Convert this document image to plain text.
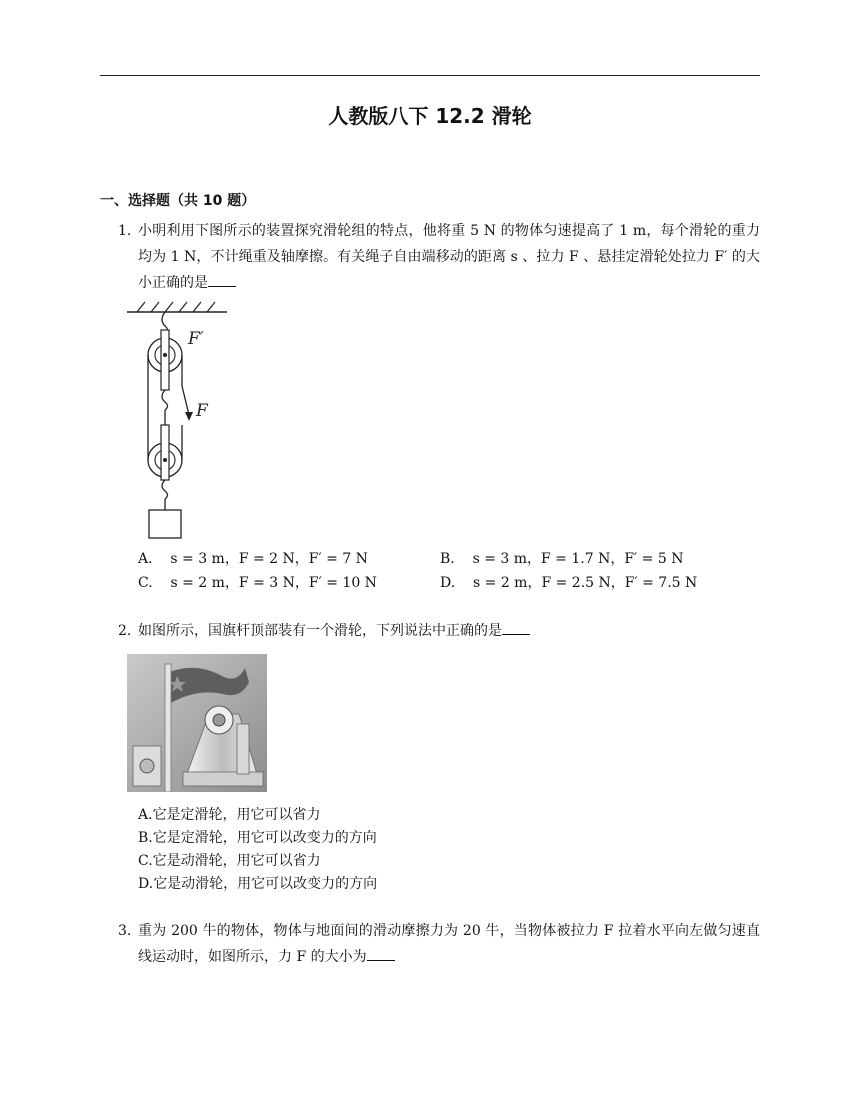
人教版八下 12.2 滑轮
一、选择题（共 10 题）
1. 小明利用下图所示的装置探究滑轮组的特点，他将重 5 N 的物体匀速提高了 1 m，每个滑轮的重力均为 1 N，不计绳重及轴摩擦。有关绳子自由端移动的距离 s 、拉力 F 、悬挂定滑轮处拉力 F′ 的大小正确的是
F′
F
A. s = 3 m，F = 2 N，F′ = 7 N	B. s = 3 m，F = 1.7 N，F′ = 5 N
C. s = 2 m，F = 3 N，F′ = 10 N	D. s = 2 m，F = 2.5 N，F′ = 7.5 N
2. 如图所示，国旗杆顶部装有一个滑轮，下列说法中正确的是
A.它是定滑轮，用它可以省力
B.它是定滑轮，用它可以改变力的方向
C.它是动滑轮，用它可以省力
D.它是动滑轮，用它可以改变力的方向
3. 重为 200 牛的物体，物体与地面间的滑动摩擦力为 20 牛，当物体被拉力 F 拉着水平向左做匀速直线运动时，如图所示，力 F 的大小为
